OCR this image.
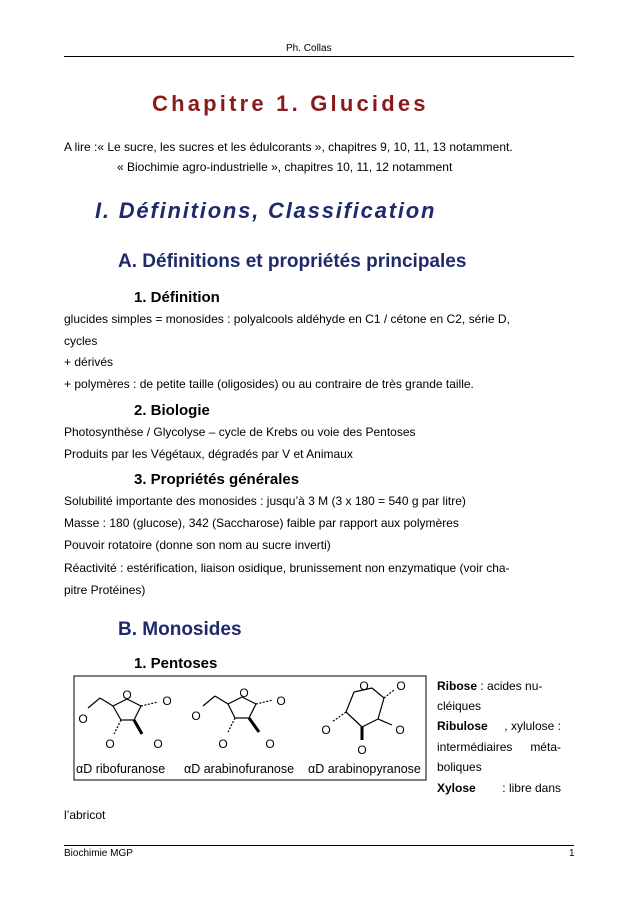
Ph. Collas
Chapitre 1. Glucides
A lire :« Le sucre, les sucres et les édulcorants », chapitres 9, 10, 11, 13 notamment.
« Biochimie agro-industrielle », chapitres 10, 11, 12 notamment
I. Définitions, Classification
A. Définitions et propriétés principales
1. Définition
glucides simples = monosides : polyalcools aldéhyde en C1 / cétone en C2, série D,
cycles
+ dérivés
+ polymères : de petite taille (oligosides) ou au contraire de très grande taille.
2. Biologie
Photosynthèse / Glycolyse – cycle de Krebs ou voie des Pentoses
Produits par les Végétaux, dégradés par V et Animaux
3. Propriétés générales
Solubilité importante des monosides : jusqu’à 3 M (3 x 180 = 540 g par litre)
Masse : 180 (glucose), 342 (Saccharose) faible par rapport aux polymères
Pouvoir rotatoire (donne son nom au sucre inverti)
Réactivité : estérification, liaison osidique, brunissement non enzymatique (voir cha-
pitre Protéines)
B. Monosides
1. Pentoses
O	O
O
O	O
O
O
O
O	O
O O
O
O
O
αD ribofuranose αD arabinofuranose αD arabinopyranose
Ribose : acides nu-
cléiques
Ribulose , xylulose :
intermédiaires méta-
boliques
Xylose : libre dans
l’abricot
Biochimie MGP	1
